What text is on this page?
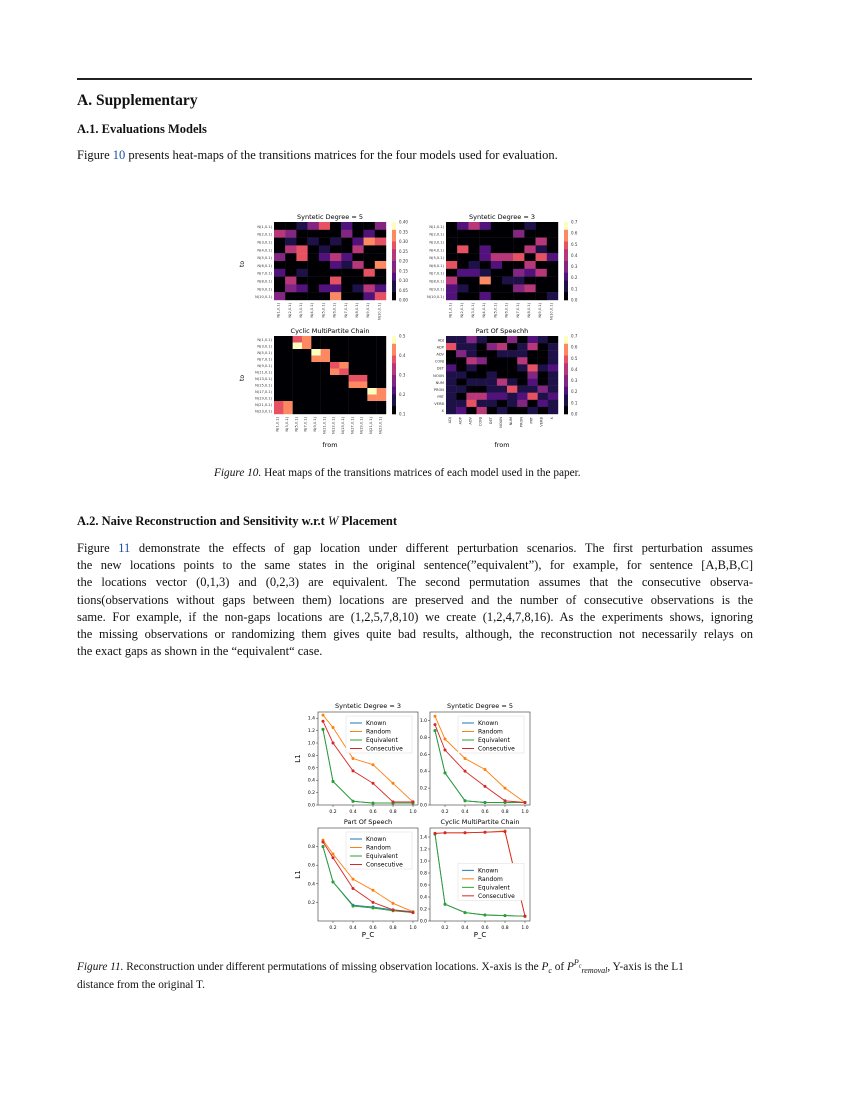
A. Supplementary
A.1. Evaluations Models
Figure 10 presents heat-maps of the transitions matrices for the four models used for evaluation.
Syntetic Degree = 5
N(1,0.1)
N(2,0.1)
N(3,0.1)
N(4,0.1)
N(5,0.1)
N(6,0.1)
N(7,0.1)
N(8,0.1)
N(9,0.1)
N(10,0.1)
N(1,0.1) N(2,0.1) N(3,0.1) N(4,0.1) N(5,0.1) N(6,0.1) N(7,0.1) N(8,0.1) N(9,0.1) N(10,0.1)
0.40
0.35
0.30
0.25
0.20
0.15
0.10
0.05
0.00
Syntetic Degree = 3
N(1,0.1)
N(2,0.1)
N(3,0.1)
N(4,0.1)
N(5,0.1)
N(6,0.1)
N(7,0.1)
N(8,0.1)
N(9,0.1)
N(10,0.1)
N(1,0.1) N(2,0.1) N(3,0.1) N(4,0.1) N(5,0.1) N(6,0.1) N(7,0.1) N(8,0.1) N(9,0.1) N(10,0.1)
0.7
0.6
0.5
0.4
0.3
0.2
0.1
0.0
Cyclic MultiPartite Chain
N(1,0.1)
N(3,0.1)
N(5,0.1)
N(7,0.1)
N(9,0.1)
N(11,0.1)
N(13,0.1)
N(15,0.1)
N(17,0.1)
N(19,0.1)
N(21,0.1)
N(23,0.1)
N(1,0.1) N(3,0.1) N(5,0.1) N(7,0.1) N(9,0.1) N(11,0.1) N(13,0.1) N(15,0.1) N(17,0.1) N(19,0.1) N(21,0.1) N(23,0.1)
0.5
0.4
0.3
0.2
0.1
Part Of Speechh
ADJ
ADP
ADV
CONJ
DET
NOUN
NUM
PRON
PRT
VERB
X
ADJ ADP ADV CONJ DET NOUN NUM PRON PRT VERB X
0.7
0.6
0.5
0.4
0.3
0.2
0.1
0.0
to
to
from	from
Figure 10. Heat maps of the transitions matrices of each model used in the paper.
A.2. Naive Reconstruction and Sensitivity w.r.t W Placement
Figure 11 demonstrate the effects of gap location under different perturbation scenarios. The first perturbation assumes
the new locations points to the same states in the original sentence(”equivalent”), for example, for sentence [A,B,B,C]
the locations vector (0,1,3) and (0,2,3) are equivalent. The second permutation assumes that the consecutive observa-
tions(observations without gaps between them) locations are preserved and the number of consecutive observations is the
same. For example, if the non-gaps locations are (1,2,5,7,8,10) we create (1,2,4,7,8,16). As the experiments shows, ignoring
the missing observations or randomizing them gives quite bad results, although, the reconstruction not necessarily relays on
the exact gaps as shown in the “equivalent“ case.
Syntetic Degree = 3
0.2	0.4	0.6	0.8	1.0
0.0
0.2
0.4
0.6
0.8
1.0
1.2
1.4
Known
Random
Equivalent
Consecutive
L1
Syntetic Degree = 5
0.2	0.4	0.6	0.8	1.0
0.0
0.2
0.4
0.6
0.8
1.0	Known
Random
Equivalent
Consecutive
Part Of Speech
0.2	0.4	0.6	0.8	1.0
0.2
0.4
0.6
0.8
Known
Random
Equivalent
Consecutive
L1
P_C
Cyclic MultiPartite Chain
0.2	0.4	0.6	0.8	1.0
0.0
0.2
0.4
0.6
0.8
1.0
1.2
1.4
Known
Random
Equivalent
Consecutive
P_C
Figure 11. Reconstruction under different permutations of missing observation locations. X-axis is the $P_c$ of $P^{P_c}_{removal}$, Y-axis is the L1
distance from the original T.
